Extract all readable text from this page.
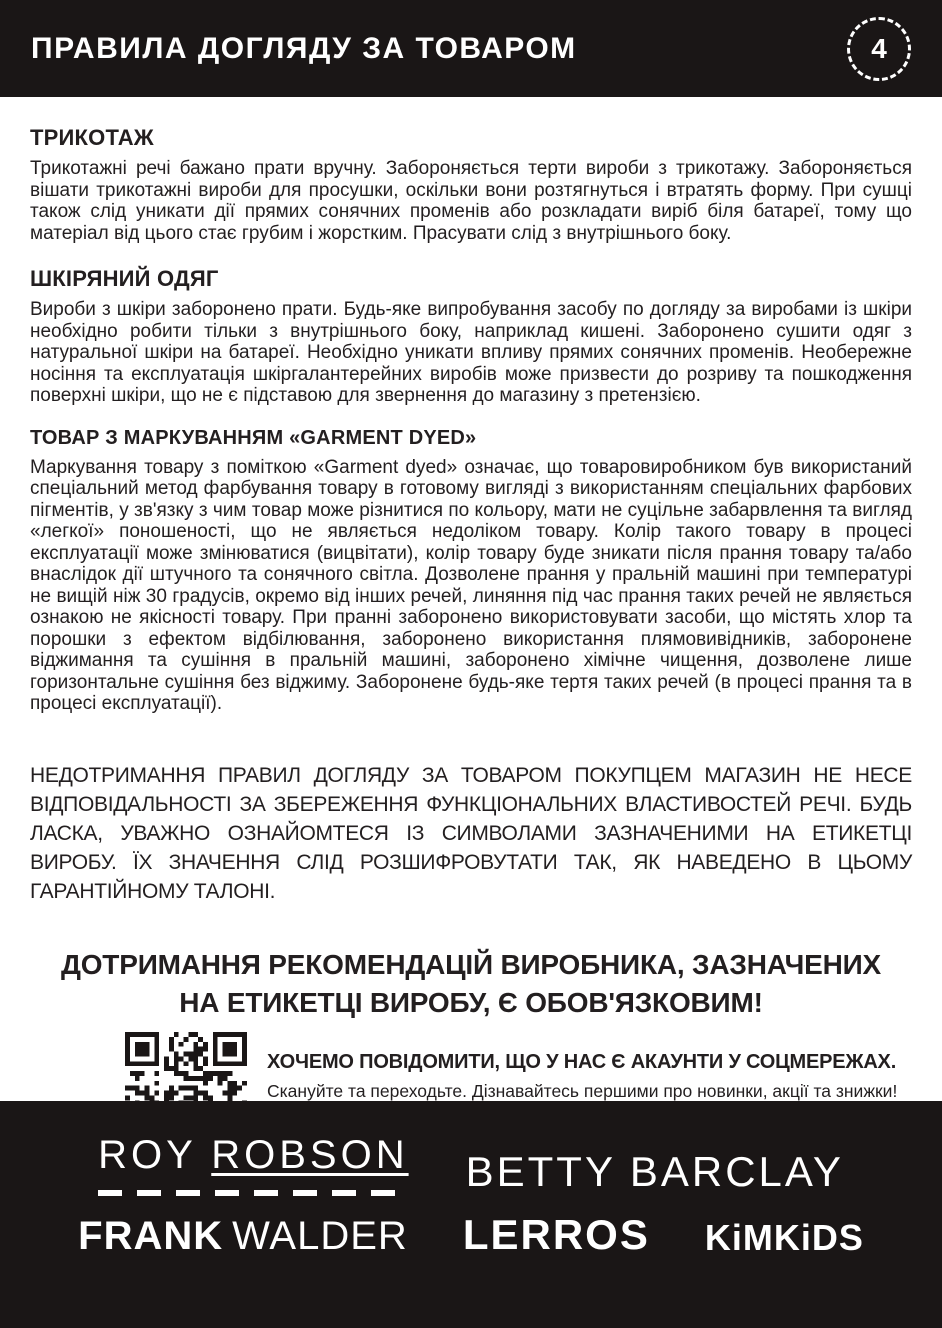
ПРАВИЛА ДОГЛЯДУ ЗА ТОВАРОМ	4
ТРИКОТАЖ

Трикотажні речі бажано прати вручну. Забороняється терти вироби з трикотажу. Забороняється вішати трикотажні вироби для просушки, оскільки вони розтягнуться і втратять форму. При сушці також слід уникати дії прямих сонячних променів або розкладати виріб біля батареї, тому що матеріал від цього стає грубим і жорстким. Прасувати слід з внутрішнього боку.

ШКІРЯНИЙ ОДЯГ

Вироби з шкіри заборонено прати. Будь-яке випробування засобу по догляду за виробами із шкіри необхідно робити тільки з внутрішнього боку, наприклад кишені. Заборонено сушити одяг з натуральної шкіри на батареї. Необхідно уникати впливу прямих сонячних променів. Необережне носіння та експлуатація шкіргалантерейних виробів може призвести до розриву та пошкодження поверхні шкіри, що не є підставою для звернення до магазину з претензією.

ТОВАР З МАРКУВАННЯМ «GARMENT DYED»

Маркування товару з поміткою «Garment dyed» означає, що товаровиробником був використаний спеціальний метод фарбування товару в готовому вигляді з використанням спеціальних фарбових пігментів, у зв'язку з чим товар може різнитися по кольору, мати не суцільне забарвлення та вигляд «легкої» поношеності, що не являється недоліком товару. Колір такого товару в процесі експлуатації може змінюватися (вицвітати), колір товару буде зникати після прання товару та/або внаслідок дії штучного та сонячного світла. Дозволене прання у пральній машині при температурі не вищій ніж 30 градусів, окремо від інших речей, линяння під час прання таких речей не являється ознакою не якісності товару. При пранні заборонено використовувати засоби, що містять хлор та порошки з ефектом відбілювання, заборонено використання плямовивідників, заборонене віджимання та сушіння в пральній машині, заборонено хімічне чищення, дозволене лише горизонтальне сушіння без віджиму. Заборонене будь-яке тертя таких речей (в процесі прання та в процесі експлуатації).

НЕДОТРИМАННЯ ПРАВИЛ ДОГЛЯДУ ЗА ТОВАРОМ ПОКУПЦЕМ МАГАЗИН НЕ НЕСЕ ВІДПОВІДАЛЬНОСТІ ЗА ЗБЕРЕЖЕННЯ ФУНКЦІОНАЛЬНИХ ВЛАСТИВОСТЕЙ РЕЧІ. БУДЬ ЛАСКА, УВАЖНО ОЗНАЙОМТЕСЯ ІЗ СИМВОЛАМИ ЗАЗНАЧЕНИМИ НА ЕТИКЕТЦІ ВИРОБУ. ЇХ ЗНАЧЕННЯ СЛІД РОЗШИФРОВУТАТИ ТАК, ЯК НАВЕДЕНО В ЦЬОМУ ГАРАНТІЙНОМУ ТАЛОНІ.

ДОТРИМАННЯ РЕКОМЕНДАЦІЙ ВИРОБНИКА, ЗАЗНАЧЕНИХ
НА ЕТИКЕТЦІ ВИРОБУ, Є ОБОВ'ЯЗКОВИМ!

ХОЧЕМО ПОВІДОМИТИ, ЩО У НАС Є АКАУНТИ У СОЦМЕРЕЖАХ.

Скануйте та переходьте. Дізнавайтесь першими про новинки, акції та знижки!

ROY ROBSON BETTY BARCLAY
FRANK WALDER LERROS KiMKiDS
